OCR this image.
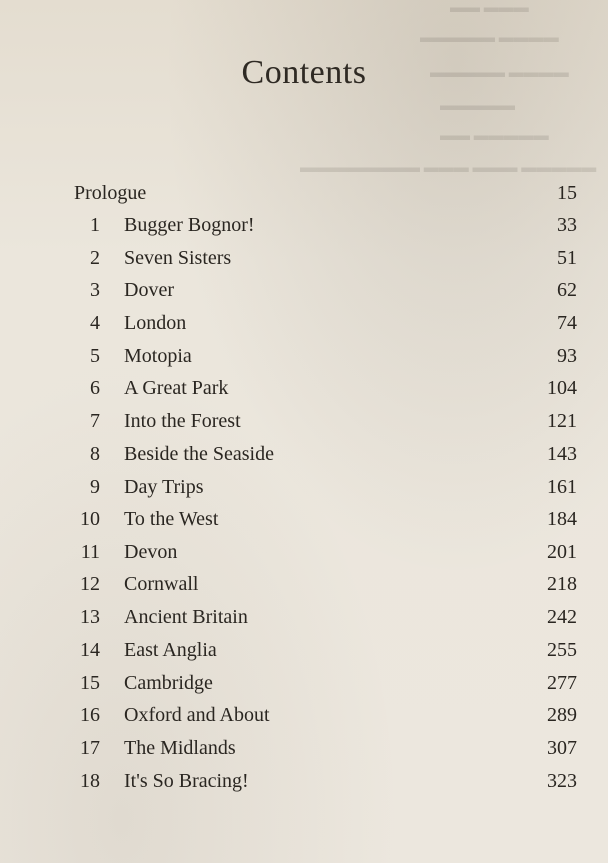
▬▬▬ ▬▬
▬▬▬▬ ▬▬▬▬▬
▬▬▬▬ ▬▬▬▬▬
▬▬▬▬▬
▬▬▬▬▬ ▬▬
▬▬▬▬▬ ▬▬▬ ▬▬▬ ▬▬▬▬▬▬▬▬
Contents
Prologue	15
1 Bugger Bognor!	33
2 Seven Sisters	51
3 Dover	62
4 London	74
5 Motopia	93
6 A Great Park	104
7 Into the Forest	121
8 Beside the Seaside	143
9 Day Trips	161
10 To the West	184
11 Devon	201
12 Cornwall	218
13 Ancient Britain	242
14 East Anglia	255
15 Cambridge	277
16 Oxford and About	289
17 The Midlands	307
18 It's So Bracing!	323
